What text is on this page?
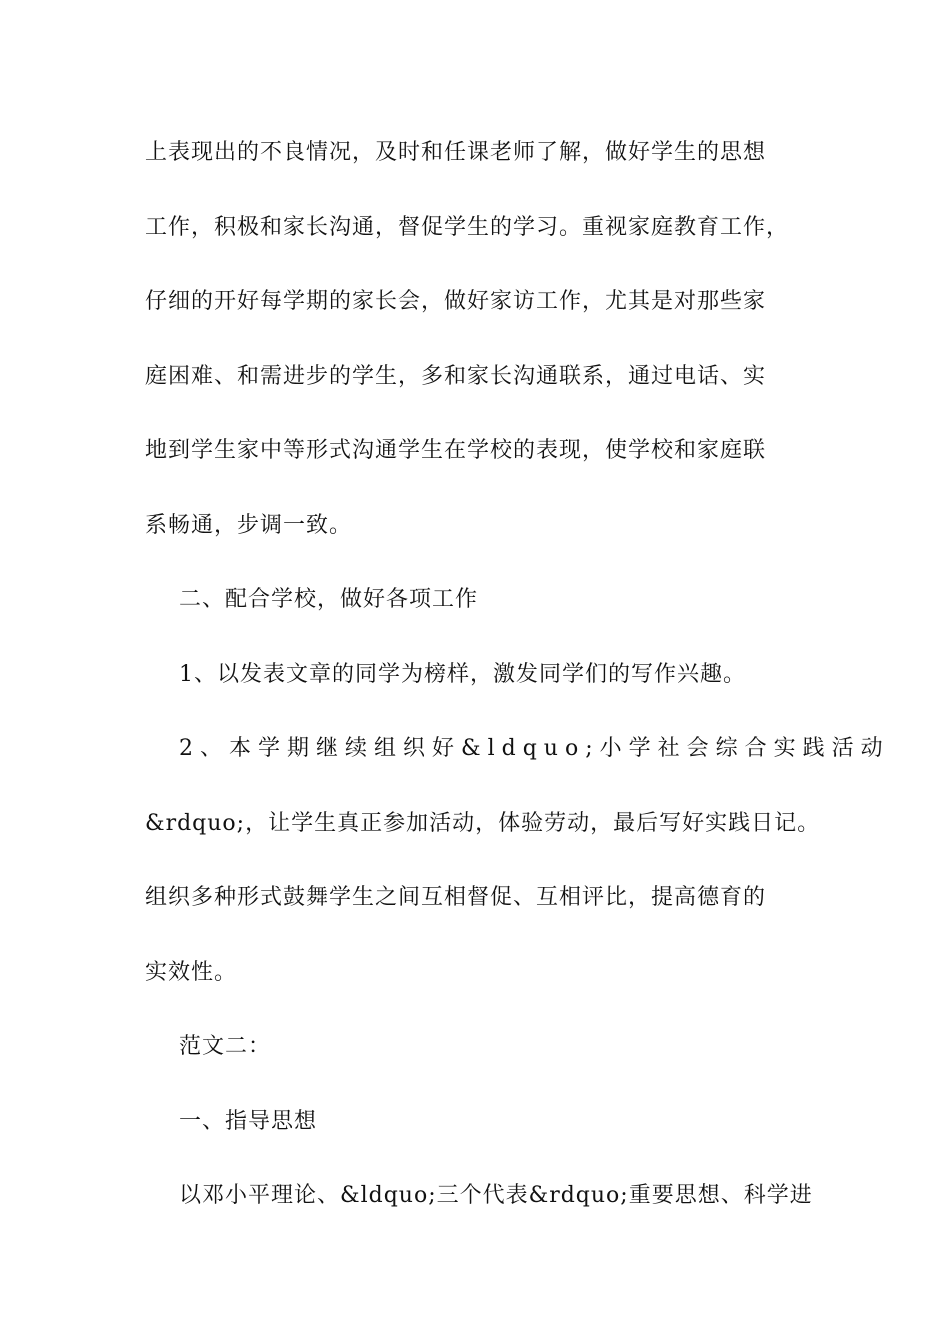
上表现出的不良情况，及时和任课老师了解，做好学生的思想
工作，积极和家长沟通，督促学生的学习。重视家庭教育工作，
仔细的开好每学期的家长会，做好家访工作，尤其是对那些家
庭困难、和需进步的学生，多和家长沟通联系，通过电话、实
地到学生家中等形式沟通学生在学校的表现，使学校和家庭联
系畅通，步调一致。
二、配合学校，做好各项工作
1、以发表文章的同学为榜样，激发同学们的写作兴趣。
2、本学期继续组织好&ldquo;小学社会综合实践活动
&rdquo;，让学生真正参加活动，体验劳动，最后写好实践日记。
组织多种形式鼓舞学生之间互相督促、互相评比，提高德育的
实效性。
范文二：
一、指导思想
以邓小平理论、&ldquo;三个代表&rdquo;重要思想、科学进
